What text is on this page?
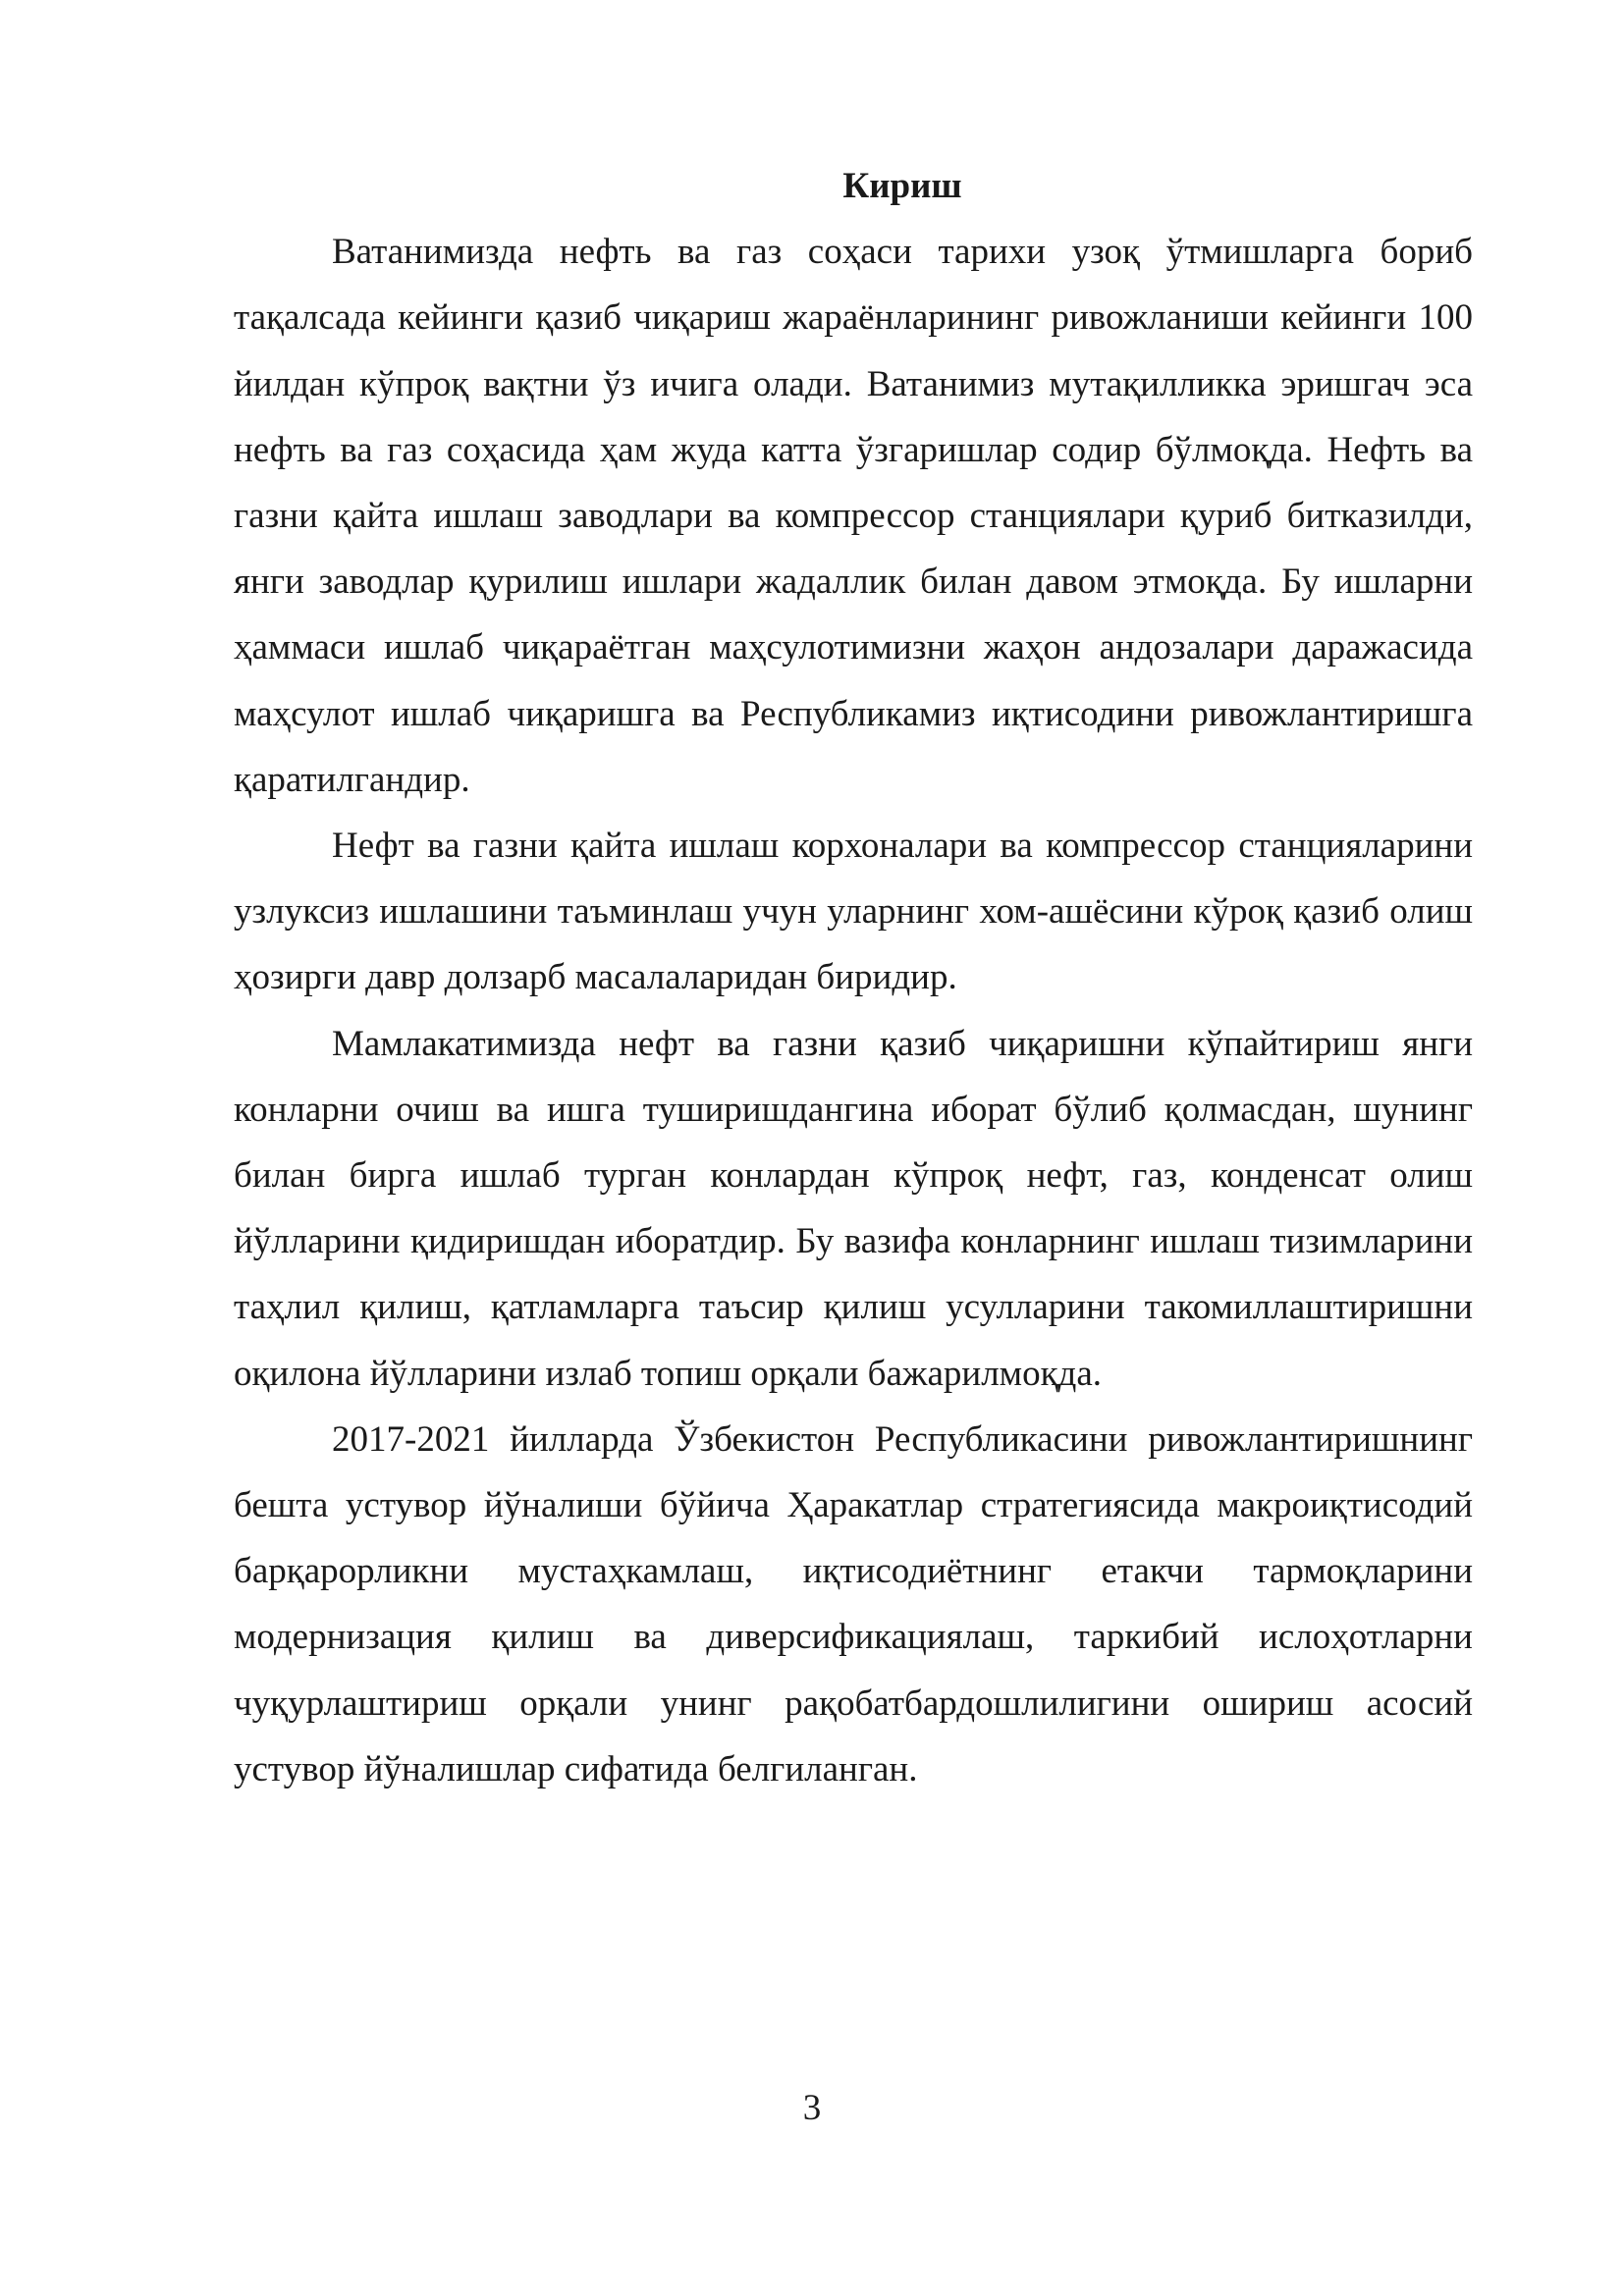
Кириш

Ватанимизда нефть ва газ соҳаси тарихи узоқ ўтмишларга бориб тақалсада кейинги қазиб чиқариш жараёнларининг ривожланиши кейинги 100 йилдан кўпроқ вақтни ўз ичига олади. Ватанимиз мутақилликка эришгач эса нефть ва газ соҳасида ҳам жуда катта ўзгаришлар содир бўлмоқда. Нефть ва газни қайта ишлаш заводлари ва компрессор станциялари қуриб битказилди, янги заводлар қурилиш ишлари жадаллик билан давом этмоқда. Бу ишларни ҳаммаси ишлаб чиқараётган маҳсулотимизни жаҳон андозалари даражасида маҳсулот ишлаб чиқаришга ва Республикамиз иқтисодини ривожлантиришга қаратилгандир.

Нефт ва газни қайта ишлаш корхоналари ва компрессор станцияларини узлуксиз ишлашини таъминлаш учун уларнинг хом-ашёсини кўроқ қазиб олиш ҳозирги давр долзарб масалаларидан биридир.

Мамлакатимизда нефт ва газни қазиб чиқаришни кўпайтириш янги конларни очиш ва ишга туширишдангина иборат бўлиб қолмасдан, шунинг билан бирга ишлаб турган конлардан кўпроқ нефт, газ, конденсат олиш йўлларини қидиришдан иборатдир. Бу вазифа конларнинг ишлаш тизимларини таҳлил қилиш, қатламларга таъсир қилиш усулларини такомиллаштиришни оқилона йўлларини излаб топиш орқали бажарилмоқда.

2017-2021 йилларда Ўзбекистон Республикасини ривожлантиришнинг бешта устувор йўналиши бўйича Ҳаракатлар стратегиясида макроиқтисодий барқарорликни мустаҳкамлаш, иқтисодиётнинг етакчи тармоқларини модернизация қилиш ва диверсификациялаш, таркибий ислоҳотларни чуқурлаштириш орқали унинг рақобатбардошлилигини ошириш асосий устувор йўналишлар сифатида белгиланган.

3
